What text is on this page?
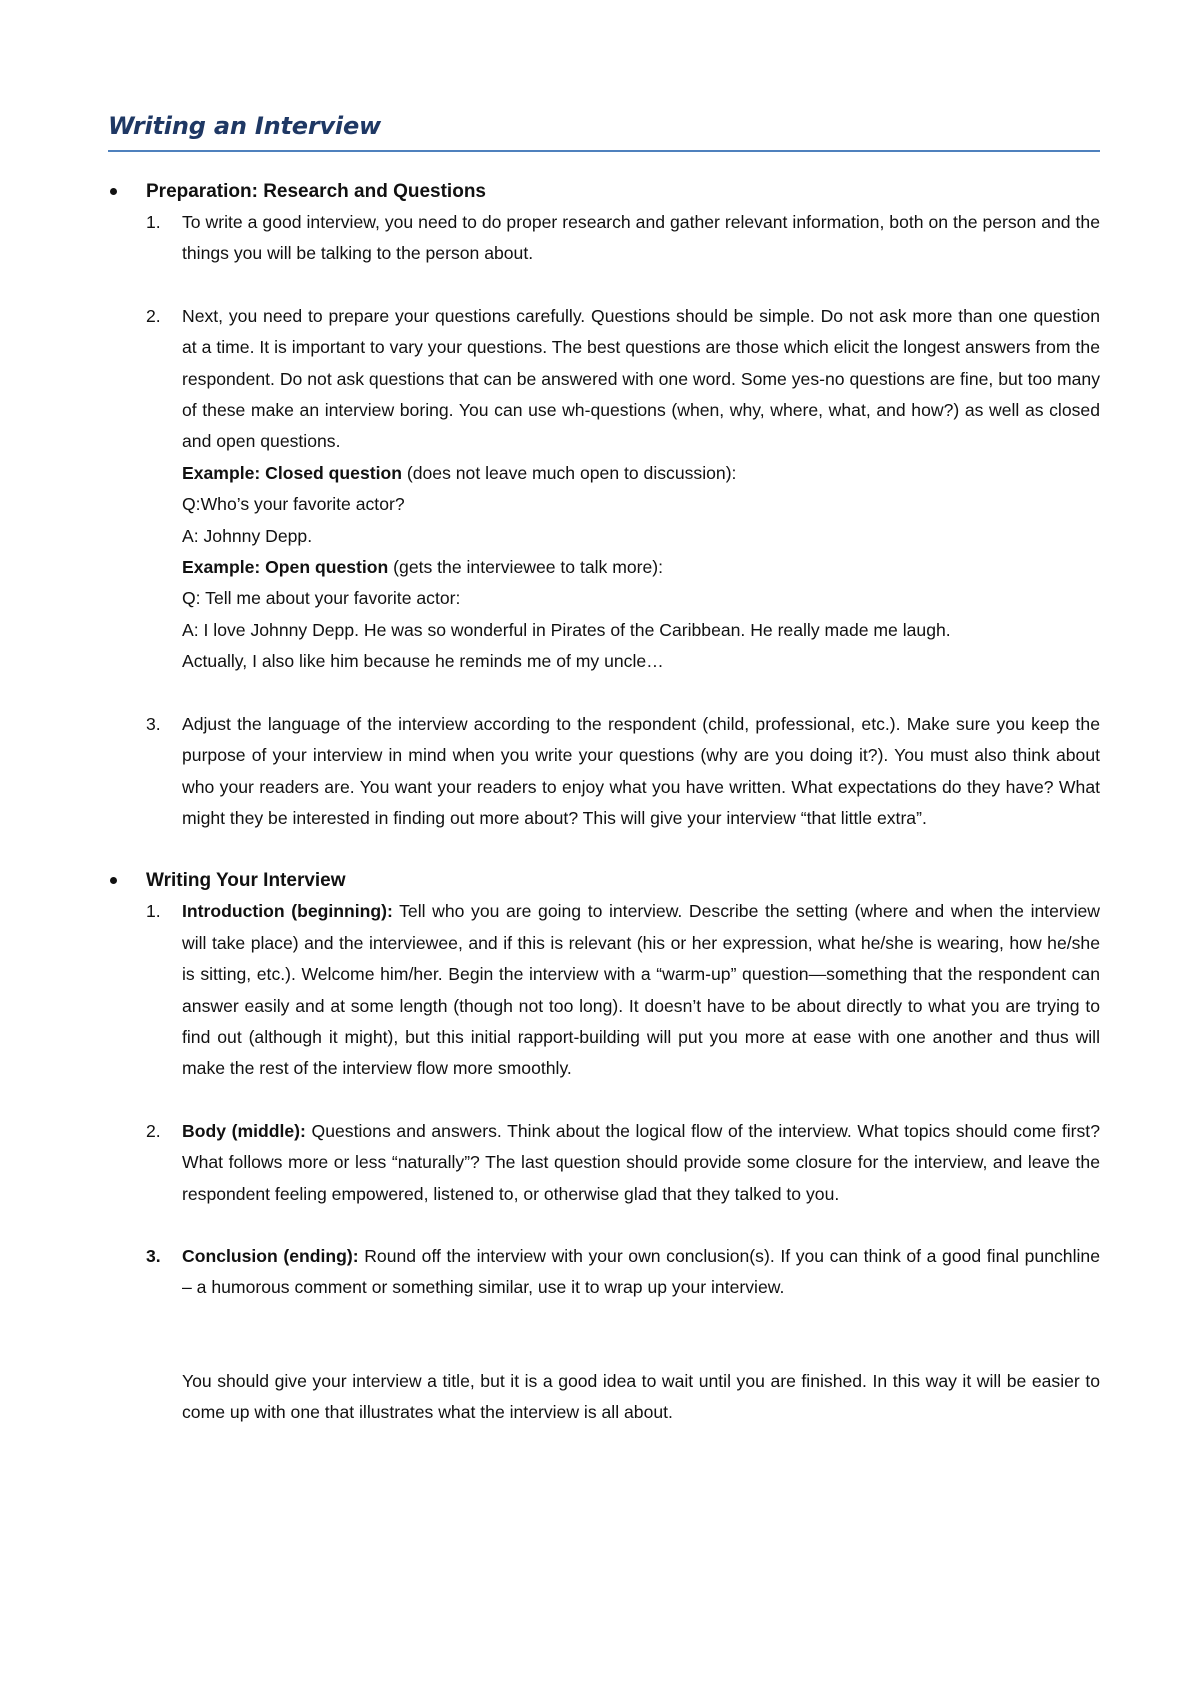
Writing an Interview

Preparation: Research and Questions

1. To write a good interview, you need to do proper research and gather relevant information, both on the person and the things you will be talking to the person about.

2. Next, you need to prepare your questions carefully. Questions should be simple. Do not ask more than one question at a time. It is important to vary your questions. The best questions are those which elicit the longest answers from the respondent. Do not ask questions that can be answered with one word. Some yes-no questions are fine, but too many of these make an interview boring. You can use wh-questions (when, why, where, what, and how?) as well as closed and open questions.

Example: Closed question (does not leave much open to discussion):

Q:Who’s your favorite actor?

A: Johnny Depp.

Example: Open question (gets the interviewee to talk more):

Q: Tell me about your favorite actor:

A: I love Johnny Depp. He was so wonderful in Pirates of the Caribbean. He really made me laugh.

Actually, I also like him because he reminds me of my uncle…

3. Adjust the language of the interview according to the respondent (child, professional, etc.). Make sure you keep the purpose of your interview in mind when you write your questions (why are you doing it?). You must also think about who your readers are. You want your readers to enjoy what you have written. What expectations do they have? What might they be interested in finding out more about? This will give your interview “that little extra”.

Writing Your Interview

1. Introduction (beginning): Tell who you are going to interview. Describe the setting (where and when the interview will take place) and the interviewee, and if this is relevant (his or her expression, what he/she is wearing, how he/she is sitting, etc.). Welcome him/her. Begin the interview with a “warm-up” question—something that the respondent can answer easily and at some length (though not too long). It doesn’t have to be about directly to what you are trying to find out (although it might), but this initial rapport-building will put you more at ease with one another and thus will make the rest of the interview flow more smoothly.

2. Body (middle): Questions and answers. Think about the logical flow of the interview. What topics should come first? What follows more or less “naturally”? The last question should provide some closure for the interview, and leave the respondent feeling empowered, listened to, or otherwise glad that they talked to you.

3. Conclusion (ending): Round off the interview with your own conclusion(s). If you can think of a good final punchline – a humorous comment or something similar, use it to wrap up your interview.

You should give your interview a title, but it is a good idea to wait until you are finished. In this way it will be easier to come up with one that illustrates what the interview is all about.
